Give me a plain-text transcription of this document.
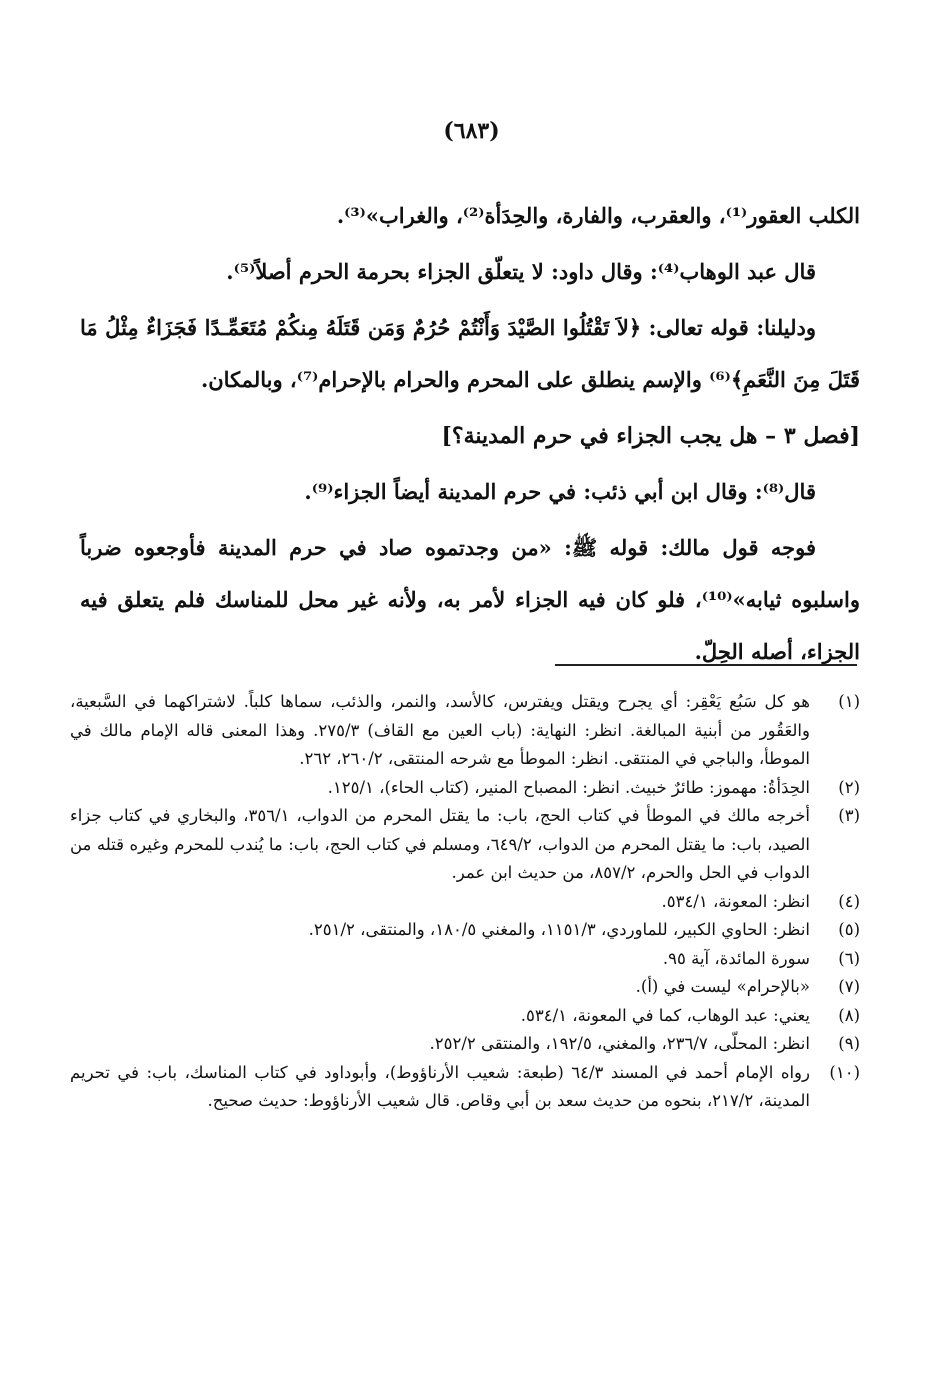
(٦٨٣)

الكلب العقور⁽¹⁾، والعقرب، والفارة، والحِدَأة⁽²⁾، والغراب»⁽³⁾.

قال عبد الوهاب⁽⁴⁾: وقال داود: لا يتعلّق الجزاء بحرمة الحرم أصلاً⁽⁵⁾.

ودليلنا: قوله تعالى: ﴿لاَ تَقْتُلُوا الصَّيْدَ وَأَنْتُمْ حُرُمٌ وَمَن قَتَلَهُ مِنكُمْ مُتَعَمِّـدًا فَجَزَاءٌ مِثْلُ مَا قَتَلَ مِنَ النَّعَمِ﴾⁽⁶⁾ والإسم ينطلق على المحرم والحرام بالإحرام⁽⁷⁾، وبالمكان.

[فصل ٣ – هل يجب الجزاء في حرم المدينة؟]

قال⁽⁸⁾: وقال ابن أبي ذئب: في حرم المدينة أيضاً الجزاء⁽⁹⁾.

فوجه قول مالك: قوله ﷺ: «من وجدتموه صاد في حرم المدينة فأوجعوه ضرباً واسلبوه ثيابه»⁽¹⁰⁾، فلو كان فيه الجزاء لأمر به، ولأنه غير محل للمناسك فلم يتعلق فيه الجزاء، أصله الحِلّ.

(١)
هو كل سَبُع يَعْقِر: أي يجرح ويقتل ويفترس، كالأسد، والنمر، والذئب، سماها كلباً. لاشتراكهما في السَّبعية، والعَقُور من أبنية المبالغة. انظر: النهاية: (باب العين مع القاف) ٢٧٥/٣. وهذا المعنى قاله الإمام مالك في الموطأ، والباجي في المنتقى. انظر: الموطأ مع شرحه المنتقى، ٢٦٠/٢، ٢٦٢.
(٢)
الحِدَأةُ: مهموز: طائرٌ خبيث. انظر: المصباح المنير، (كتاب الحاء)، ١٢٥/١.
(٣)
أخرجه مالك في الموطأ في كتاب الحج، باب: ما يقتل المحرم من الدواب، ٣٥٦/١، والبخاري في كتاب جزاء الصيد، باب: ما يقتل المحرم من الدواب، ٦٤٩/٢، ومسلم في كتاب الحج، باب: ما يُندب للمحرم وغيره قتله من الدواب في الحل والحرم، ٨٥٧/٢، من حديث ابن عمر.
(٤)
انظر: المعونة، ٥٣٤/١.
(٥)
انظر: الحاوي الكبير، للماوردي، ١١٥١/٣، والمغني ١٨٠/٥، والمنتقى، ٢٥١/٢.
(٦)
سورة المائدة، آية ٩٥.
(٧)
«بالإحرام» ليست في (أ).
(٨)
يعني: عبد الوهاب، كما في المعونة، ٥٣٤/١.
(٩)
انظر: المحلّى، ٢٣٦/٧، والمغني، ١٩٢/٥، والمنتقى ٢٥٢/٢.
(١٠)
رواه الإمام أحمد في المسند ٦٤/٣ (طبعة: شعيب الأرناؤوط)، وأبوداود في كتاب المناسك، باب: في تحريم المدينة، ٢١٧/٢، بنحوه من حديث سعد بن أبي وقاص. قال شعيب الأرناؤوط: حديث صحيح.
